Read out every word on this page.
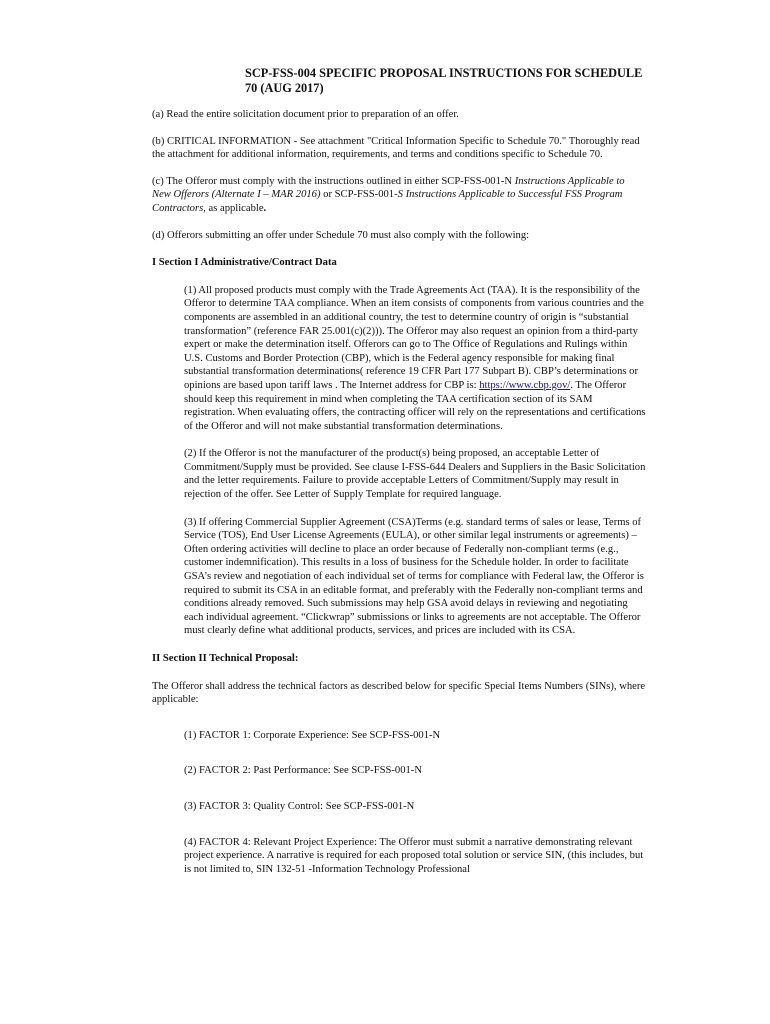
SCP-FSS-004 SPECIFIC PROPOSAL INSTRUCTIONS FOR SCHEDULE 70 (AUG 2017)

(a) Read the entire solicitation document prior to preparation of an offer.

(b) CRITICAL INFORMATION - See attachment "Critical Information Specific to Schedule 70." Thoroughly read the attachment for additional information, requirements, and terms and conditions specific to Schedule 70.

(c) The Offeror must comply with the instructions outlined in either SCP-FSS-001-N Instructions Applicable to New Offerors (Alternate I – MAR 2016) or SCP-FSS-001-S Instructions Applicable to Successful FSS Program Contractors, as applicable.

(d) Offerors submitting an offer under Schedule 70 must also comply with the following:

I Section I Administrative/Contract Data

(1) All proposed products must comply with the Trade Agreements Act (TAA). It is the responsibility of the Offeror to determine TAA compliance. When an item consists of components from various countries and the components are assembled in an additional country, the test to determine country of origin is “substantial transformation” (reference FAR 25.001(c)(2))). The Offeror may also request an opinion from a third-party expert or make the determination itself. Offerors can go to The Office of Regulations and Rulings within U.S. Customs and Border Protection (CBP), which is the Federal agency responsible for making final substantial transformation determinations( reference 19 CFR Part 177 Subpart B). CBP’s determinations or opinions are based upon tariff laws . The Internet address for CBP is: https://www.cbp.gov/. The Offeror should keep this requirement in mind when completing the TAA certification section of its SAM registration. When evaluating offers, the contracting officer will rely on the representations and certifications of the Offeror and will not make substantial transformation determinations.

(2) If the Offeror is not the manufacturer of the product(s) being proposed, an acceptable Letter of Commitment/Supply must be provided. See clause I-FSS-644 Dealers and Suppliers in the Basic Solicitation and the letter requirements. Failure to provide acceptable Letters of Commitment/Supply may result in rejection of the offer. See Letter of Supply Template for required language.

(3) If offering Commercial Supplier Agreement (CSA)Terms (e.g. standard terms of sales or lease, Terms of Service (TOS), End User License Agreements (EULA), or other similar legal instruments or agreements) – Often ordering activities will decline to place an order because of Federally non-compliant terms (e.g., customer indemnification). This results in a loss of business for the Schedule holder. In order to facilitate GSA’s review and negotiation of each individual set of terms for compliance with Federal law, the Offeror is required to submit its CSA in an editable format, and preferably with the Federally non-compliant terms and conditions already removed. Such submissions may help GSA avoid delays in reviewing and negotiating each individual agreement. “Clickwrap” submissions or links to agreements are not acceptable. The Offeror must clearly define what additional products, services, and prices are included with its CSA.

II Section II Technical Proposal:

The Offeror shall address the technical factors as described below for specific Special Items Numbers (SINs), where applicable:

(1) FACTOR 1: Corporate Experience: See SCP-FSS-001-N

(2) FACTOR 2: Past Performance: See SCP-FSS-001-N

(3) FACTOR 3: Quality Control: See SCP-FSS-001-N

(4) FACTOR 4: Relevant Project Experience: The Offeror must submit a narrative demonstrating relevant project experience. A narrative is required for each proposed total solution or service SIN, (this includes, but is not limited to, SIN 132-51 -Information Technology Professional
